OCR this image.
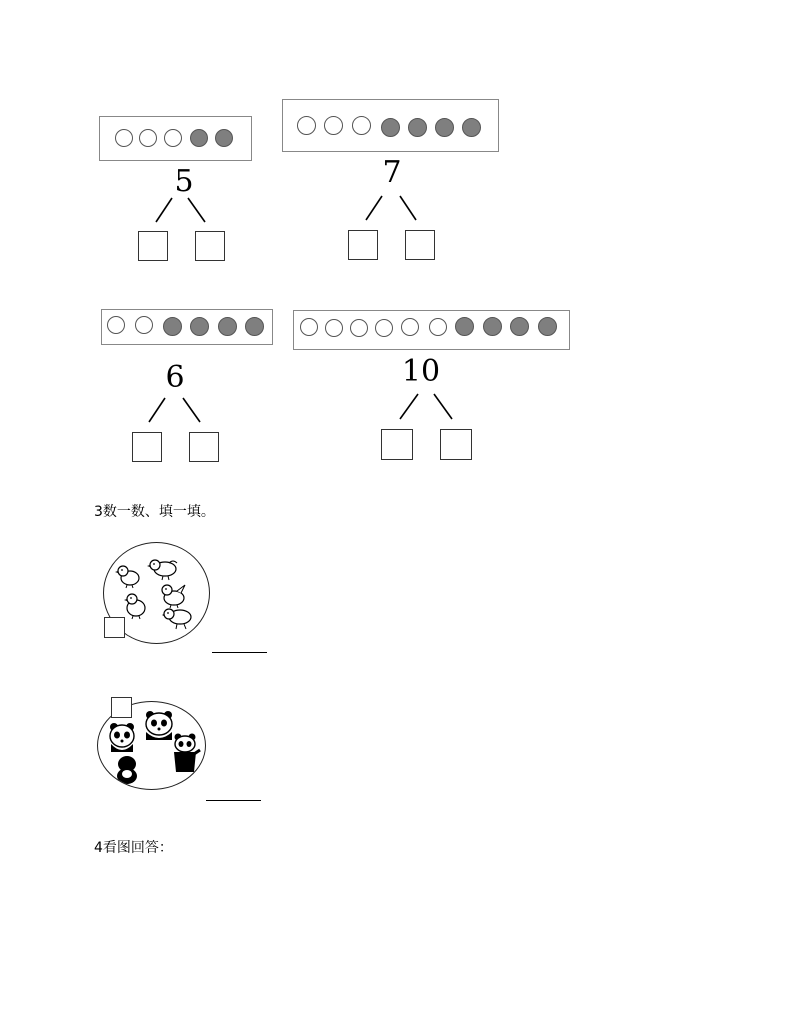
5	7
6	10
3数一数、填一填。
4看图回答：
